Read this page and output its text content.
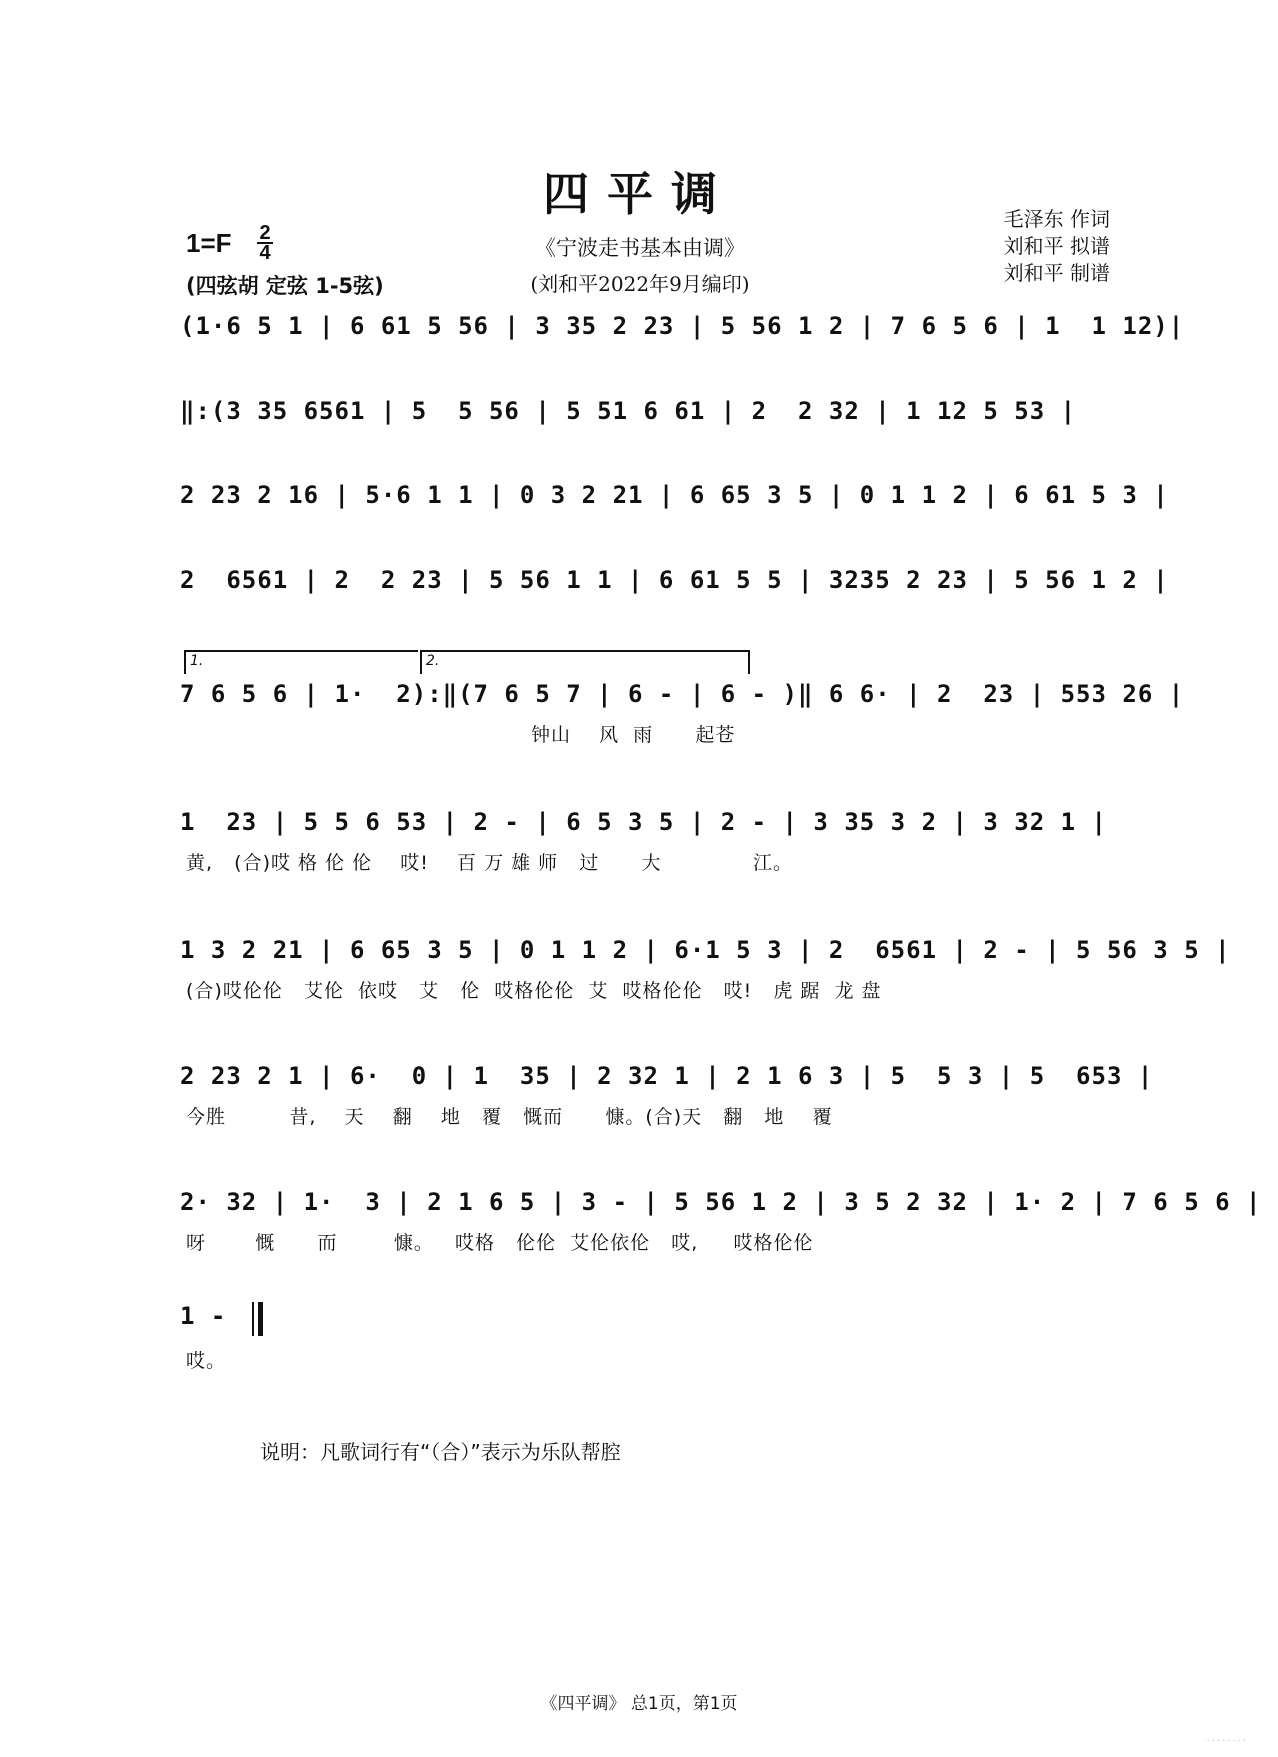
四平调
1=F 2
4
(四弦胡 定弦 1-5弦)
《宁波走书基本由调》
(刘和平2022年9月编印)
毛泽东 作词
刘和平 拟谱
刘和平 制谱
(1·6 5 1 | 6 61 5 56 | 3 35 2 23 | 5 56 1 2 | 7 6 5 6 | 1  1 12)|
‖:(3 35 6561 | 5  5 56 | 5 51 6 61 | 2  2 32 | 1 12 5 53 |
2 23 2 16 | 5·6 1 1 | 0 3 2 21 | 6 65 3 5 | 0 1 1 2 | 6 61 5 3 |
2  6561 | 2  2 23 | 5 56 1 1 | 6 61 5 5 | 3235 2 23 | 5 56 1 2 |
1.	2.
7 6 5 6 | 1·  2):‖(7 6 5 7 | 6 - | 6 - )‖ 6 6· | 2  23 | 553 26 |
钟山    风  雨      起苍
1  23 | 5 5 6 53 | 2 - | 6 5 3 5 | 2 - | 3 35 3 2 | 3 32 1 |
黄,   (合)哎 格 伦 伦    哎!    百 万 雄 师   过      大             江。
1 3 2 21 | 6 65 3 5 | 0 1 1 2 | 6·1 5 3 | 2  6561 | 2 - | 5 56 3 5 |
(合)哎伦伦   艾伦  依哎   艾   伦  哎格伦伦  艾  哎格伦伦   哎!   虎 踞  龙 盘
2 23 2 1 | 6·  0 | 1  35 | 2 32 1 | 2 1 6 3 | 5  5 3 | 5  653 |
今胜         昔,    天    翻    地   覆   慨而      慷。(合)天   翻   地    覆
2· 32 | 1·  3 | 2 1 6 5 | 3 - | 5 56 1 2 | 3 5 2 32 | 1· 2 | 7 6 5 6 |
呀       慨      而        慷。   哎格   伦伦  艾伦依伦   哎,     哎格伦伦
1 -
哎。
说明：凡歌词行有“（合）”表示为乐队帮腔
《四平调》 总1页，第1页
........
